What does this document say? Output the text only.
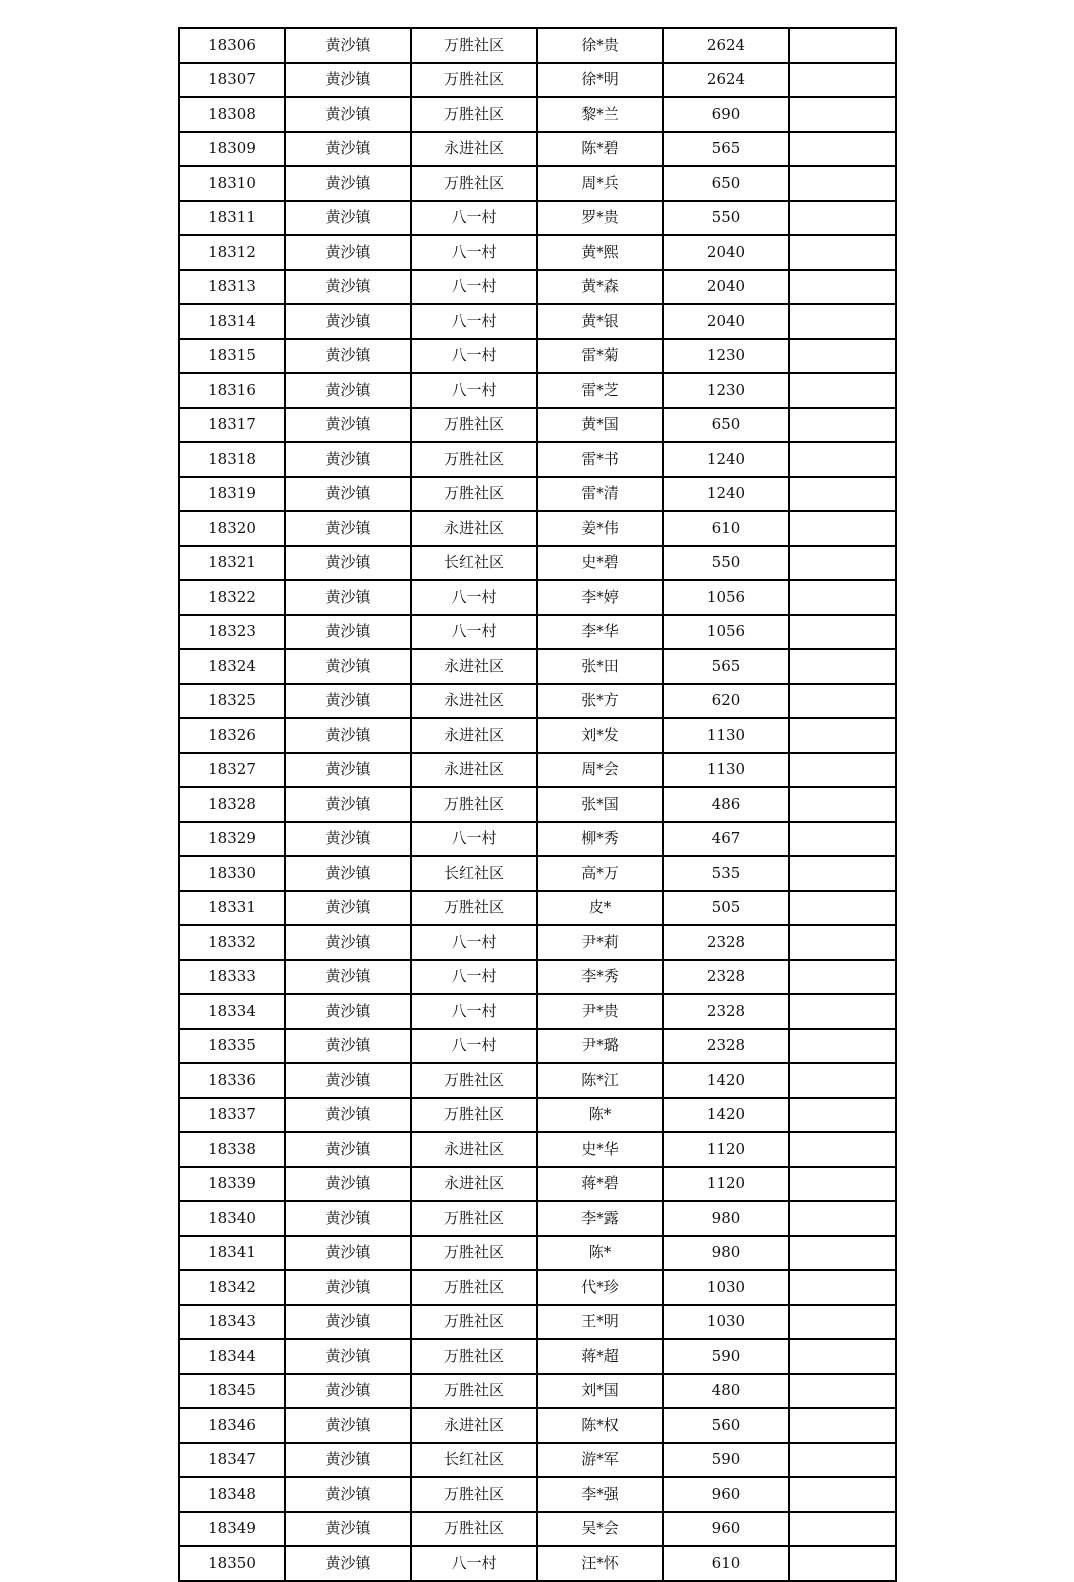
18306	黄沙镇	万胜社区	徐*贵	2624	
18307	黄沙镇	万胜社区	徐*明	2624	
18308	黄沙镇	万胜社区	黎*兰	690	
18309	黄沙镇	永进社区	陈*碧	565	
18310	黄沙镇	万胜社区	周*兵	650	
18311	黄沙镇	八一村	罗*贵	550	
18312	黄沙镇	八一村	黄*熙	2040	
18313	黄沙镇	八一村	黄*森	2040	
18314	黄沙镇	八一村	黄*银	2040	
18315	黄沙镇	八一村	雷*菊	1230	
18316	黄沙镇	八一村	雷*芝	1230	
18317	黄沙镇	万胜社区	黄*国	650	
18318	黄沙镇	万胜社区	雷*书	1240	
18319	黄沙镇	万胜社区	雷*清	1240	
18320	黄沙镇	永进社区	姜*伟	610	
18321	黄沙镇	长红社区	史*碧	550	
18322	黄沙镇	八一村	李*婷	1056	
18323	黄沙镇	八一村	李*华	1056	
18324	黄沙镇	永进社区	张*田	565	
18325	黄沙镇	永进社区	张*方	620	
18326	黄沙镇	永进社区	刘*发	1130	
18327	黄沙镇	永进社区	周*会	1130	
18328	黄沙镇	万胜社区	张*国	486	
18329	黄沙镇	八一村	柳*秀	467	
18330	黄沙镇	长红社区	高*万	535	
18331	黄沙镇	万胜社区	皮*	505	
18332	黄沙镇	八一村	尹*莉	2328	
18333	黄沙镇	八一村	李*秀	2328	
18334	黄沙镇	八一村	尹*贵	2328	
18335	黄沙镇	八一村	尹*璐	2328	
18336	黄沙镇	万胜社区	陈*江	1420	
18337	黄沙镇	万胜社区	陈*	1420	
18338	黄沙镇	永进社区	史*华	1120	
18339	黄沙镇	永进社区	蒋*碧	1120	
18340	黄沙镇	万胜社区	李*露	980	
18341	黄沙镇	万胜社区	陈*	980	
18342	黄沙镇	万胜社区	代*珍	1030	
18343	黄沙镇	万胜社区	王*明	1030	
18344	黄沙镇	万胜社区	蒋*超	590	
18345	黄沙镇	万胜社区	刘*国	480	
18346	黄沙镇	永进社区	陈*权	560	
18347	黄沙镇	长红社区	游*军	590	
18348	黄沙镇	万胜社区	李*强	960	
18349	黄沙镇	万胜社区	吴*会	960	
18350	黄沙镇	八一村	汪*怀	610	
